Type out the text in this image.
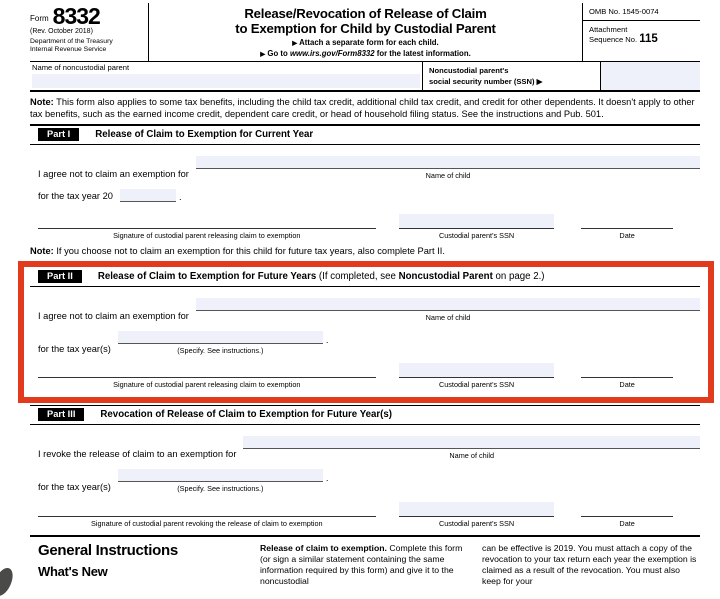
Form 8332
(Rev. October 2018)
Department of the Treasury
Internal Revenue Service
Release/Revocation of Release of Claim
to Exemption for Child by Custodial Parent
▶ Attach a separate form for each child.
▶ Go to www.irs.gov/Form8332 for the latest information.
OMB No. 1545-0074
Attachment
Sequence No. 115
Name of noncustodial parent	Noncustodial parent's
social security number (SSN) ▶
Note: This form also applies to some tax benefits, including the child tax credit, additional child tax credit, and credit for other dependents. It doesn't apply to other tax benefits, such as the earned income credit, dependent care credit, or head of household filing status. See the instructions and Pub. 501.
Part I	Release of Claim to Exemption for Current Year
I agree not to claim an exemption for	Name of child
for the tax year 20	.
Signature of custodial parent releasing claim to exemption	Custodial parent's SSN	Date
Note: If you choose not to claim an exemption for this child for future tax years, also complete Part II.
Part II	Release of Claim to Exemption for Future Years (If completed, see Noncustodial Parent on page 2.)
I agree not to claim an exemption for	Name of child
for the tax year(s)	(Specify. See instructions.)
.
Signature of custodial parent releasing claim to exemption	Custodial parent's SSN	Date
Part III	Revocation of Release of Claim to Exemption for Future Year(s)
I revoke the release of claim to an exemption for	Name of child
for the tax year(s)	(Specify. See instructions.)
.
Signature of custodial parent revoking the release of claim to exemption	Custodial parent's SSN	Date
General Instructions
What's New
Release of claim to exemption. Complete this form (or sign a similar statement containing the same information required by this form) and give it to the noncustodial
can be effective is 2019. You must attach a copy of the revocation to your tax return each year the exemption is claimed as a result of the revocation. You must also keep for your
